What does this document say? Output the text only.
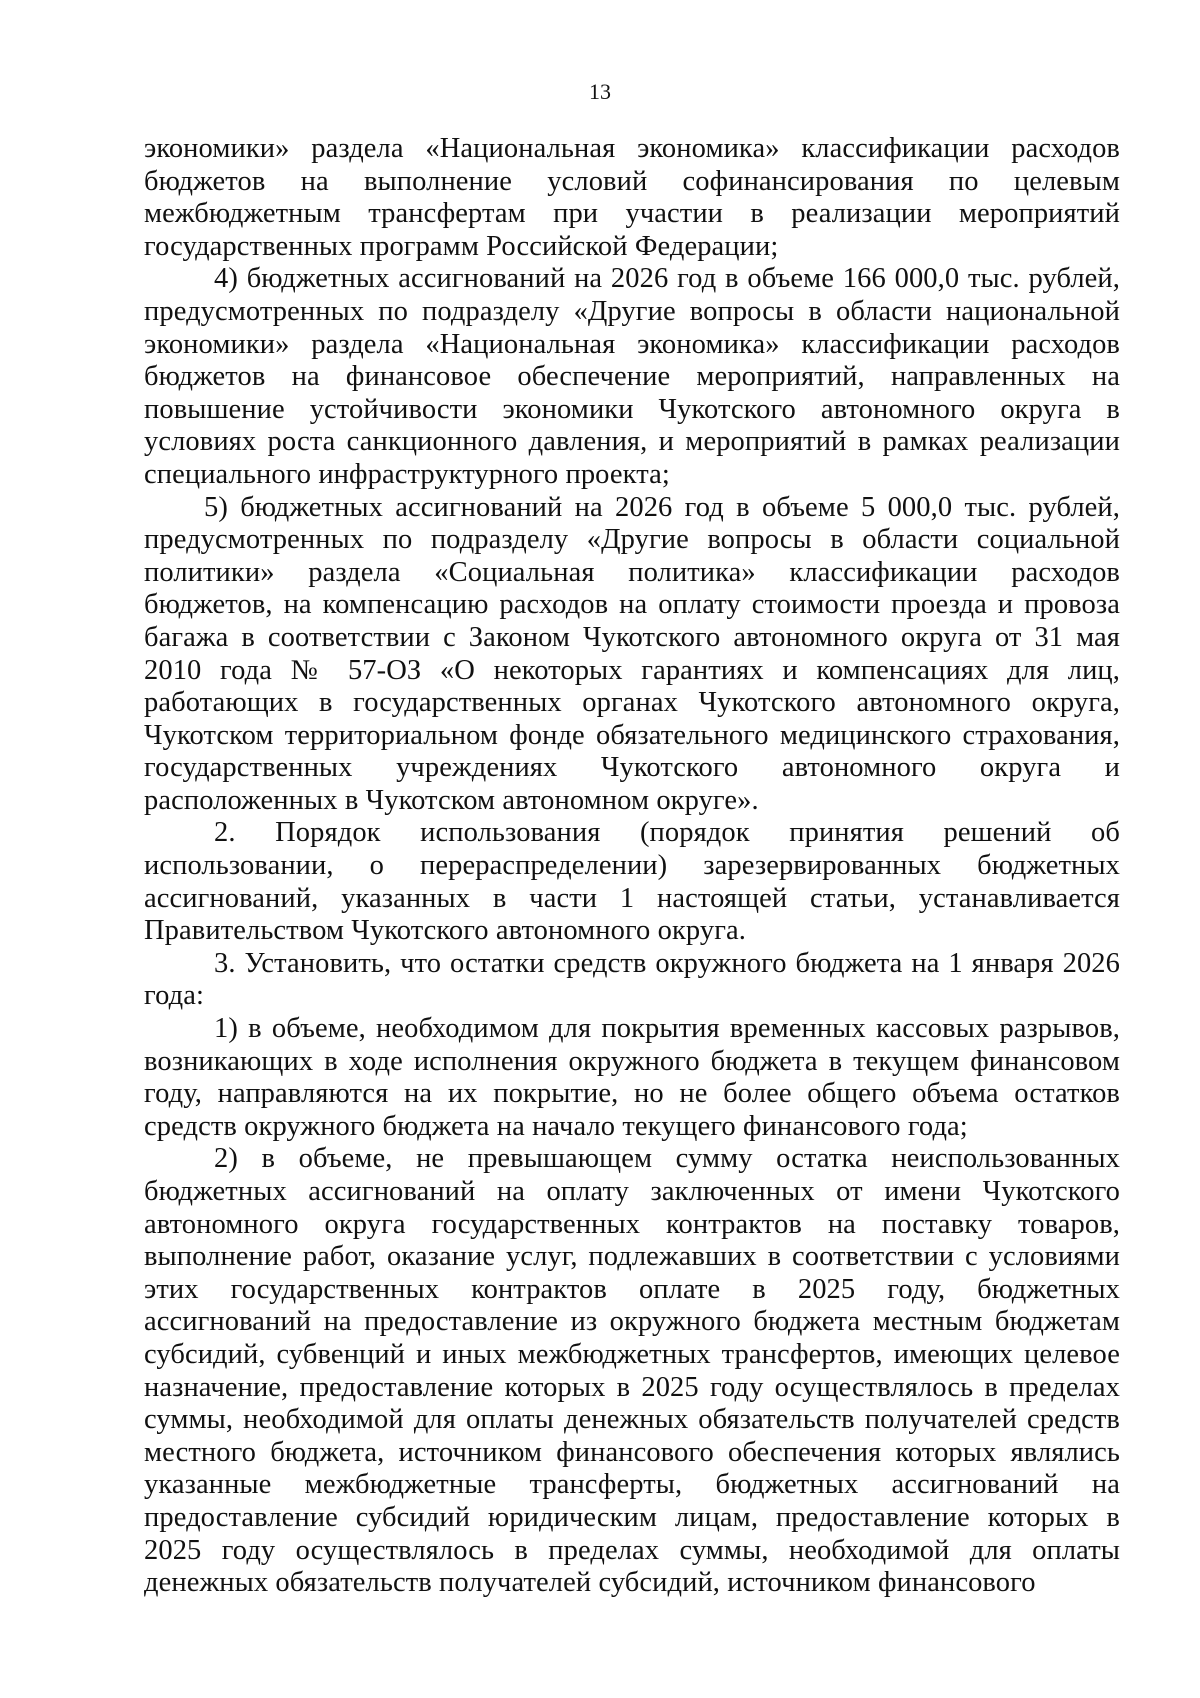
13

экономики» раздела «Национальная экономика» классификации расходов бюджетов на выполнение условий софинансирования по целевым межбюджетным трансфертам при участии в реализации мероприятий государственных программ Российской Федерации;

4) бюджетных ассигнований на 2026 год в объеме 166 000,0 тыс. рублей, предусмотренных по подразделу «Другие вопросы в области национальной экономики» раздела «Национальная экономика» классификации расходов бюджетов на финансовое обеспечение мероприятий, направленных на повышение устойчивости экономики Чукотского автономного округа в условиях роста санкционного давления, и мероприятий в рамках реализации специального инфраструктурного проекта;

5) бюджетных ассигнований на 2026 год в объеме 5 000,0 тыс. рублей, предусмотренных по подразделу «Другие вопросы в области социальной политики» раздела «Социальная политика» классификации расходов бюджетов, на компенсацию расходов на оплату стоимости проезда и провоза багажа в соответствии с Законом Чукотского автономного округа от 31 мая 2010 года № 57-ОЗ «О некоторых гарантиях и компенсациях для лиц, работающих в государственных органах Чукотского автономного округа, Чукотском территориальном фонде обязательного медицинского страхования, государственных учреждениях Чукотского автономного округа и расположенных в Чукотском автономном округе».

2. Порядок использования (порядок принятия решений об использовании, о перераспределении) зарезервированных бюджетных ассигнований, указанных в части 1 настоящей статьи, устанавливается Правительством Чукотского автономного округа.

3. Установить, что остатки средств окружного бюджета на 1 января 2026 года:

1) в объеме, необходимом для покрытия временных кассовых разрывов, возникающих в ходе исполнения окружного бюджета в текущем финансовом году, направляются на их покрытие, но не более общего объема остатков средств окружного бюджета на начало текущего финансового года;

2) в объеме, не превышающем сумму остатка неиспользованных бюджетных ассигнований на оплату заключенных от имени Чукотского автономного округа государственных контрактов на поставку товаров, выполнение работ, оказание услуг, подлежавших в соответствии с условиями этих государственных контрактов оплате в 2025 году, бюджетных ассигнований на предоставление из окружного бюджета местным бюджетам субсидий, субвенций и иных межбюджетных трансфертов, имеющих целевое назначение, предоставление которых в 2025 году осуществлялось в пределах суммы, необходимой для оплаты денежных обязательств получателей средств местного бюджета, источником финансового обеспечения которых являлись указанные межбюджетные трансферты, бюджетных ассигнований на предоставление субсидий юридическим лицам, предоставление которых в 2025 году осуществлялось в пределах суммы, необходимой для оплаты денежных обязательств получателей субсидий, источником финансового
